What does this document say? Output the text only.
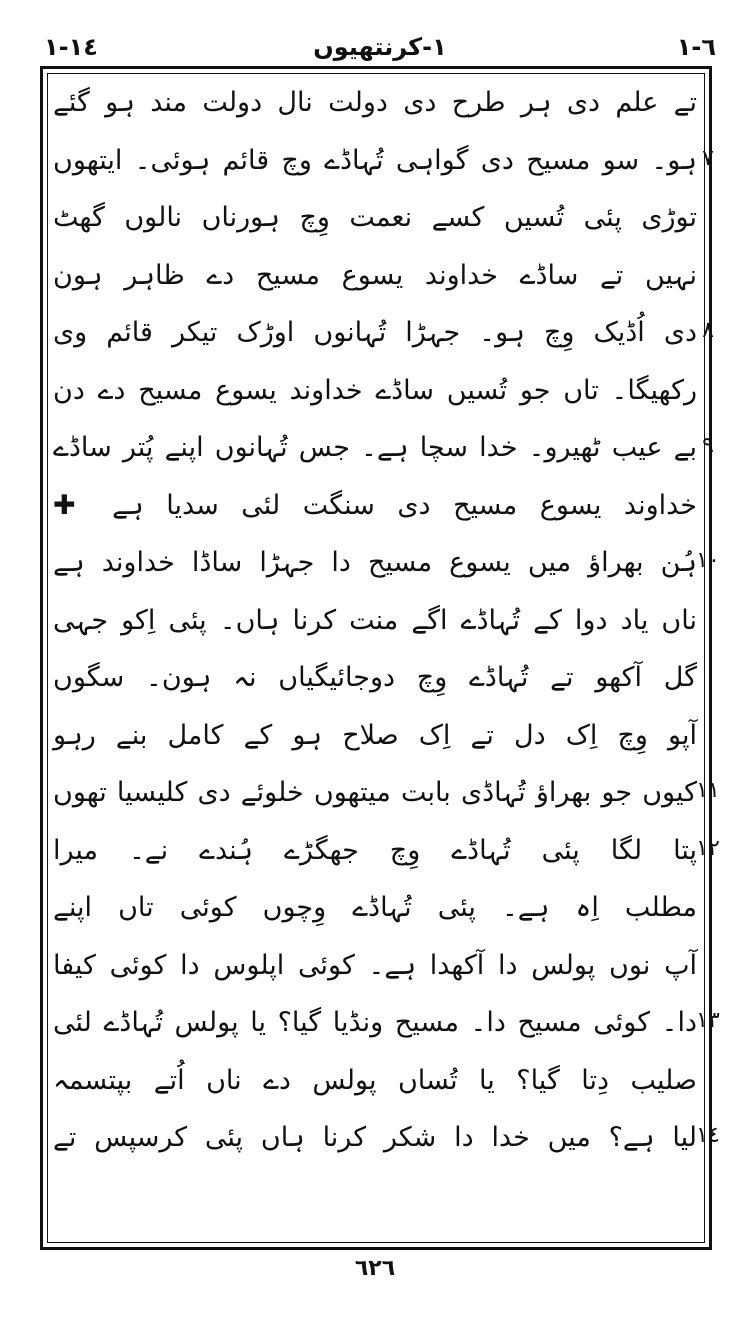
١٤-١	١-کرنتھیوں	٦-١
تے علم دی ہر طرح دی دولت نال دولت مند ہو گئے
ہو۔ سو مسیح دی گواہی تُہاڈے وچ قائم ہوئی۔ ایتھوں
توڑی پئی تُسیں کسے نعمت وِچ ہورناں نالوں گھٹ
نہیں تے ساڈے خداوند یسوع مسیح دے ظاہر ہون
دی اُڈیک وِچ ہو۔ جہڑا تُہانوں اوڑک تیکر قائم وی
رکھیگا۔ تاں جو تُسیں ساڈے خداوند یسوع مسیح دے دن
بے عیب ٹھیرو۔ خدا سچا ہے۔ جس تُہانوں اپنے پُتر ساڈے
خداوند یسوع مسیح دی سنگت لئی سدیا ہے ✚
ہُن بھراؤ میں یسوع مسیح دا جہڑا ساڈا خداوند ہے
ناں یاد دوا کے تُہاڈے اگے منت کرنا ہاں۔ پئی اِکو جہی
گل آکھو تے تُہاڈے وِچ دوجائیگیاں نہ ہون۔ سگوں
آپو وِچ اِک دل تے اِک صلاح ہو کے کامل بنے رہو
کیوں جو بھراؤ تُہاڈی بابت میتھوں خلوئے دی کلیسیا تھوں
پتا لگا پئی تُہاڈے وِچ جھگڑے ہُندے نے۔ میرا
مطلب اِہ ہے۔ پئی تُہاڈے وِچوں کوئی تاں اپنے
آپ نوں پولس دا آکھدا ہے۔ کوئی اپلوس دا کوئی کیفا
دا۔ کوئی مسیح دا۔ مسیح ونڈیا گیا؟ یا پولس تُہاڈے لئی
صلیب دِتا گیا؟ یا تُساں پولس دے ناں اُتے بپتسمہ
لیا ہے؟ میں خدا دا شکر کرنا ہاں پئی کرسپس تے
٧
٨
٩
١٠
١١
١٢
١٣
١٤
٦٢٦
